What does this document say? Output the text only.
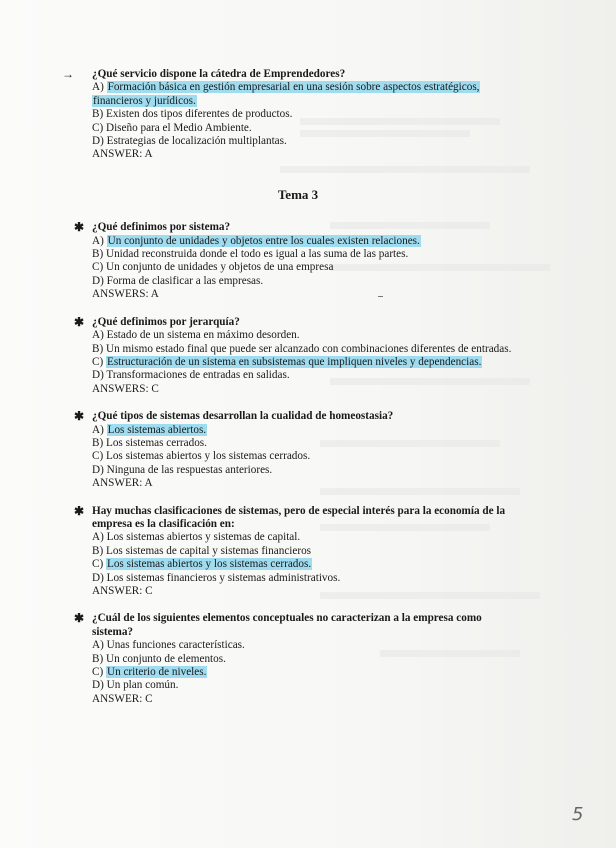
→ ¿Qué servicio dispone la cátedra de Emprendedores?
A) Formación básica en gestión empresarial en una sesión sobre aspectos estratégicos, financieros y jurídicos.
B) Existen dos tipos diferentes de productos.
C) Diseño para el Medio Ambiente.
D) Estrategias de localización multiplantas.
ANSWER: A
Tema 3
✱ ¿Qué definimos por sistema?
A) Un conjunto de unidades y objetos entre los cuales existen relaciones.
B) Unidad reconstruida donde el todo es igual a las suma de las partes.
C) Un conjunto de unidades y objetos de una empresa
D) Forma de clasificar a las empresas.
ANSWERS: A
✱ ¿Qué definimos por jerarquía?
A) Estado de un sistema en máximo desorden.
B) Un mismo estado final que puede ser alcanzado con combinaciones diferentes de entradas.
C) Estructuración de un sistema en subsistemas que impliquen niveles y dependencias.
D) Transformaciones de entradas en salidas.
ANSWERS: C
✱ ¿Qué tipos de sistemas desarrollan la cualidad de homeostasia?
A) Los sistemas abiertos.
B) Los sistemas cerrados.
C) Los sistemas abiertos y los sistemas cerrados.
D) Ninguna de las respuestas anteriores.
ANSWER: A
✱ Hay muchas clasificaciones de sistemas, pero de especial interés para la economía de la empresa es la clasificación en:
A) Los sistemas abiertos y sistemas de capital.
B) Los sistemas de capital y sistemas financieros
C) Los sistemas abiertos y los sistemas cerrados.
D) Los sistemas financieros y sistemas administrativos.
ANSWER: C
✱ ¿Cuál de los siguientes elementos conceptuales no caracterizan a la empresa como sistema?
A) Unas funciones características.
B) Un conjunto de elementos.
C) Un criterio de niveles.
D) Un plan común.
ANSWER: C
5
